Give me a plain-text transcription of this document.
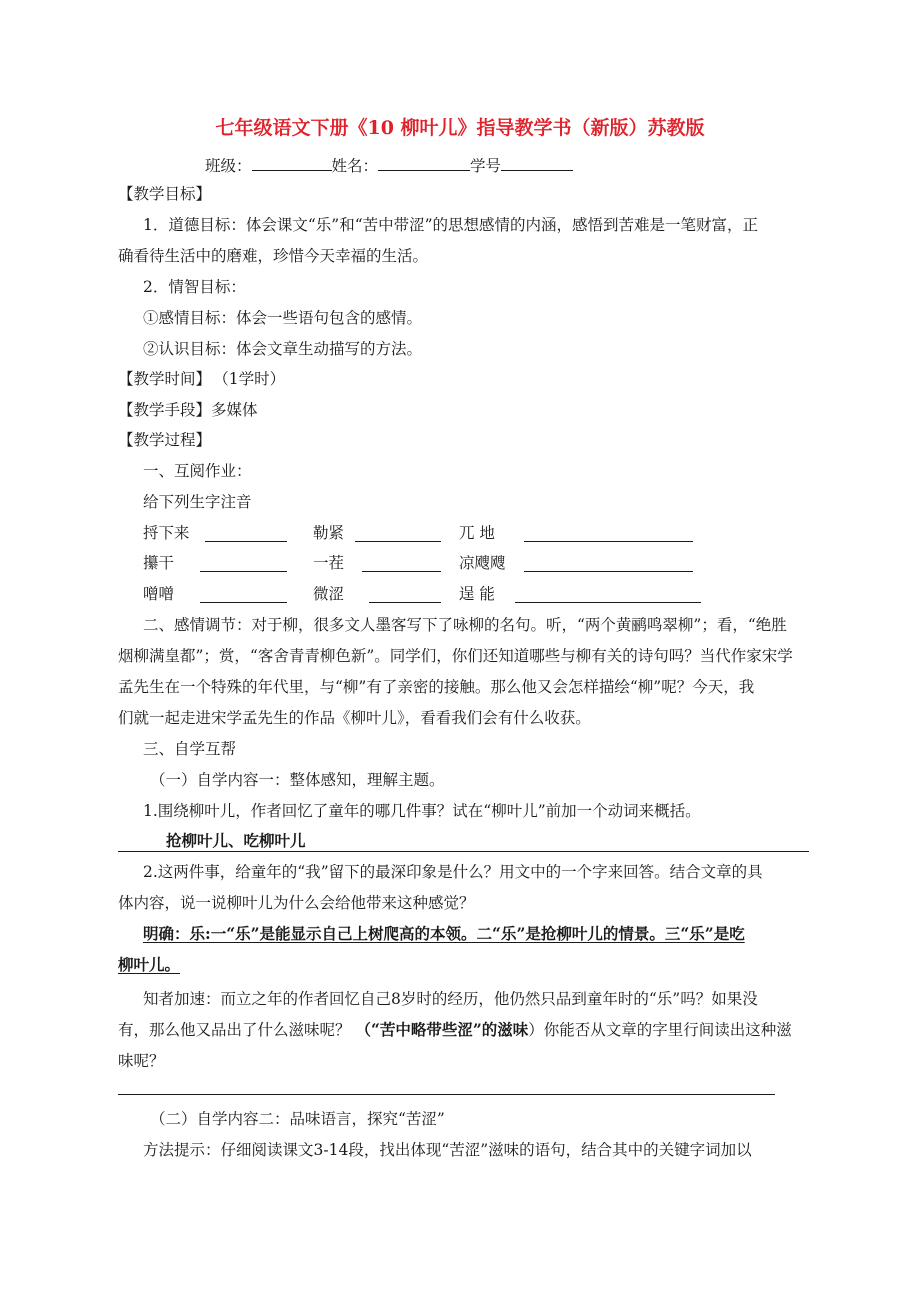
七年级语文下册《10 柳叶儿》指导教学书（新版）苏教版
班级：	姓名：	学号
【教学目标】
1．道德目标：体会课文“乐”和“苦中带涩”的思想感情的内涵，感悟到苦难是一笔财富，正
确看待生活中的磨难，珍惜今天幸福的生活。
2．情智目标：
①感情目标：体会一些语句包含的感情。
②认识目标：体会文章生动描写的方法。
【教学时间】 （1学时）
【教学手段】多媒体
【教学过程】
一、互阅作业：
给下列生字注音
捋下来	勒紧	兀 地
攥干	一茬	凉飕飕
噌噌	微涩	逞 能
二、感情调节：对于柳，很多文人墨客写下了咏柳的名句。听，“两个黄鹂鸣翠柳”；看，“绝胜
烟柳满皇都”；赏，“客舍青青柳色新”。同学们，你们还知道哪些与柳有关的诗句吗？当代作家宋学
孟先生在一个特殊的年代里，与“柳”有了亲密的接触。那么他又会怎样描绘“柳”呢？今天，我
们就一起走进宋学孟先生的作品《柳叶儿》，看看我们会有什么收获。
三、自学互帮
（一）自学内容一：整体感知，理解主题。
1.围绕柳叶儿，作者回忆了童年的哪几件事？试在“柳叶儿”前加一个动词来概括。
抢柳叶儿、吃柳叶儿
2.这两件事，给童年的“我”留下的最深印象是什么？用文中的一个字来回答。结合文章的具
体内容，说一说柳叶儿为什么会给他带来这种感觉？
明确：乐:一“乐”是能显示自己上树爬高的本领。二“乐”是抢柳叶儿的情景。三“乐”是吃
柳叶儿。
知者加速：而立之年的作者回忆自己8岁时的经历，他仍然只品到童年时的“乐”吗？如果没
有，那么他又品出了什么滋味呢？ （“苦中略带些涩”的滋味）你能否从文章的字里行间读出这种滋
味呢？
（二）自学内容二：品味语言，探究“苦涩”
方法提示：仔细阅读课文3-14段，找出体现“苦涩”滋味的语句，结合其中的关键字词加以
